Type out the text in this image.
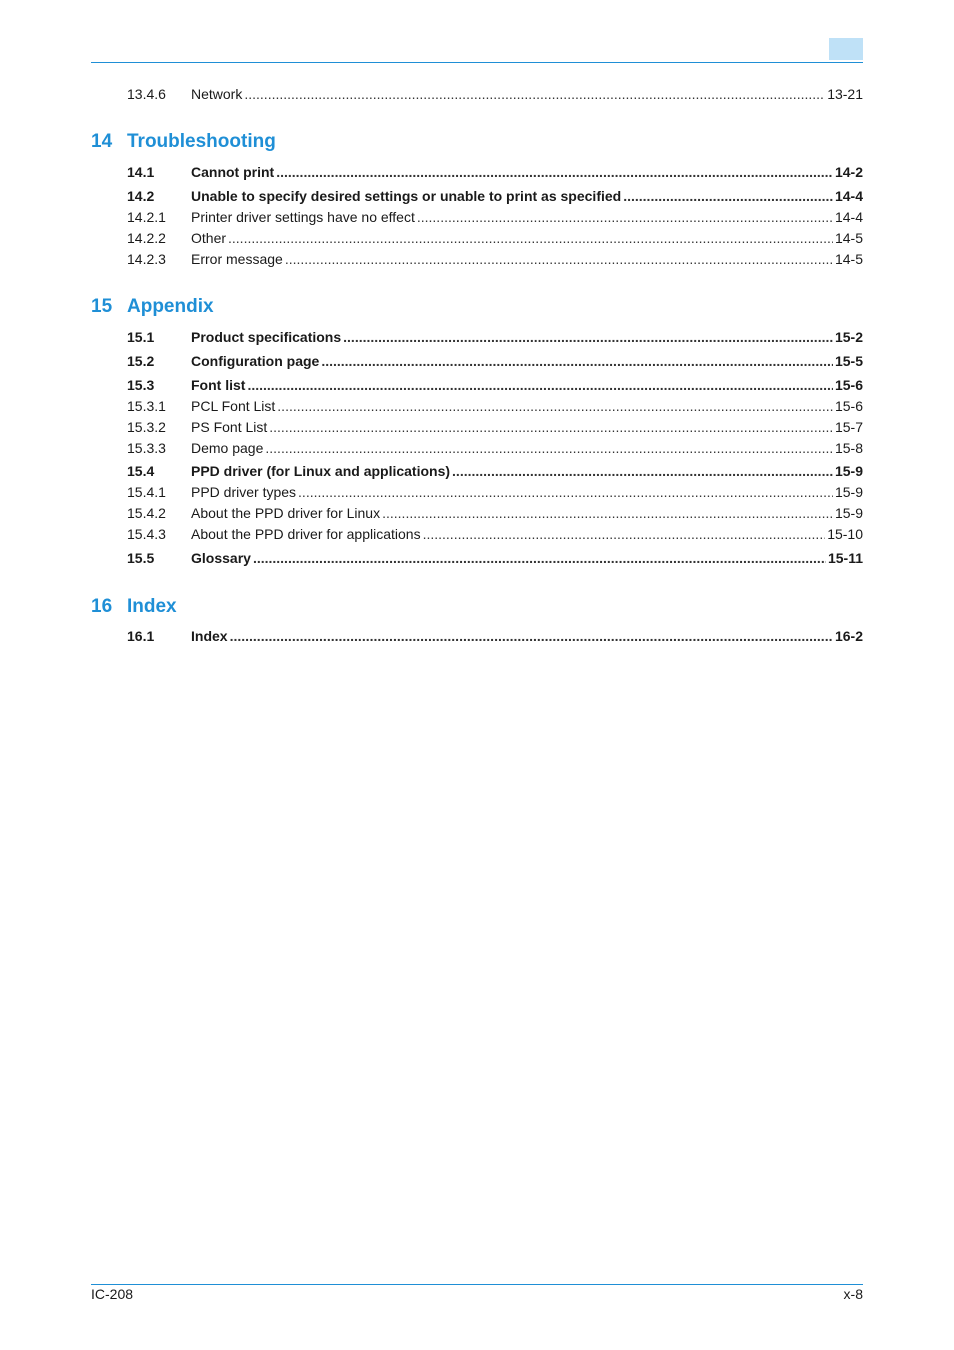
13.4.6	Network .....	13-21
14 Troubleshooting
14.1	Cannot print .....	14-2
14.2	Unable to specify desired settings or unable to print as specified .....	14-4
14.2.1	Printer driver settings have no effect .....	14-4
14.2.2	Other .....	14-5
14.2.3	Error message .....	14-5
15 Appendix
15.1	Product specifications .....	15-2
15.2	Configuration page .....	15-5
15.3	Font list .....	15-6
15.3.1	PCL Font List .....	15-6
15.3.2	PS Font List .....	15-7
15.3.3	Demo page .....	15-8
15.4	PPD driver (for Linux and applications) .....	15-9
15.4.1	PPD driver types .....	15-9
15.4.2	About the PPD driver for Linux .....	15-9
15.4.3	About the PPD driver for applications .....	15-10
15.5	Glossary .....	15-11
16 Index
16.1	Index .....	16-2
IC-208	x-8
